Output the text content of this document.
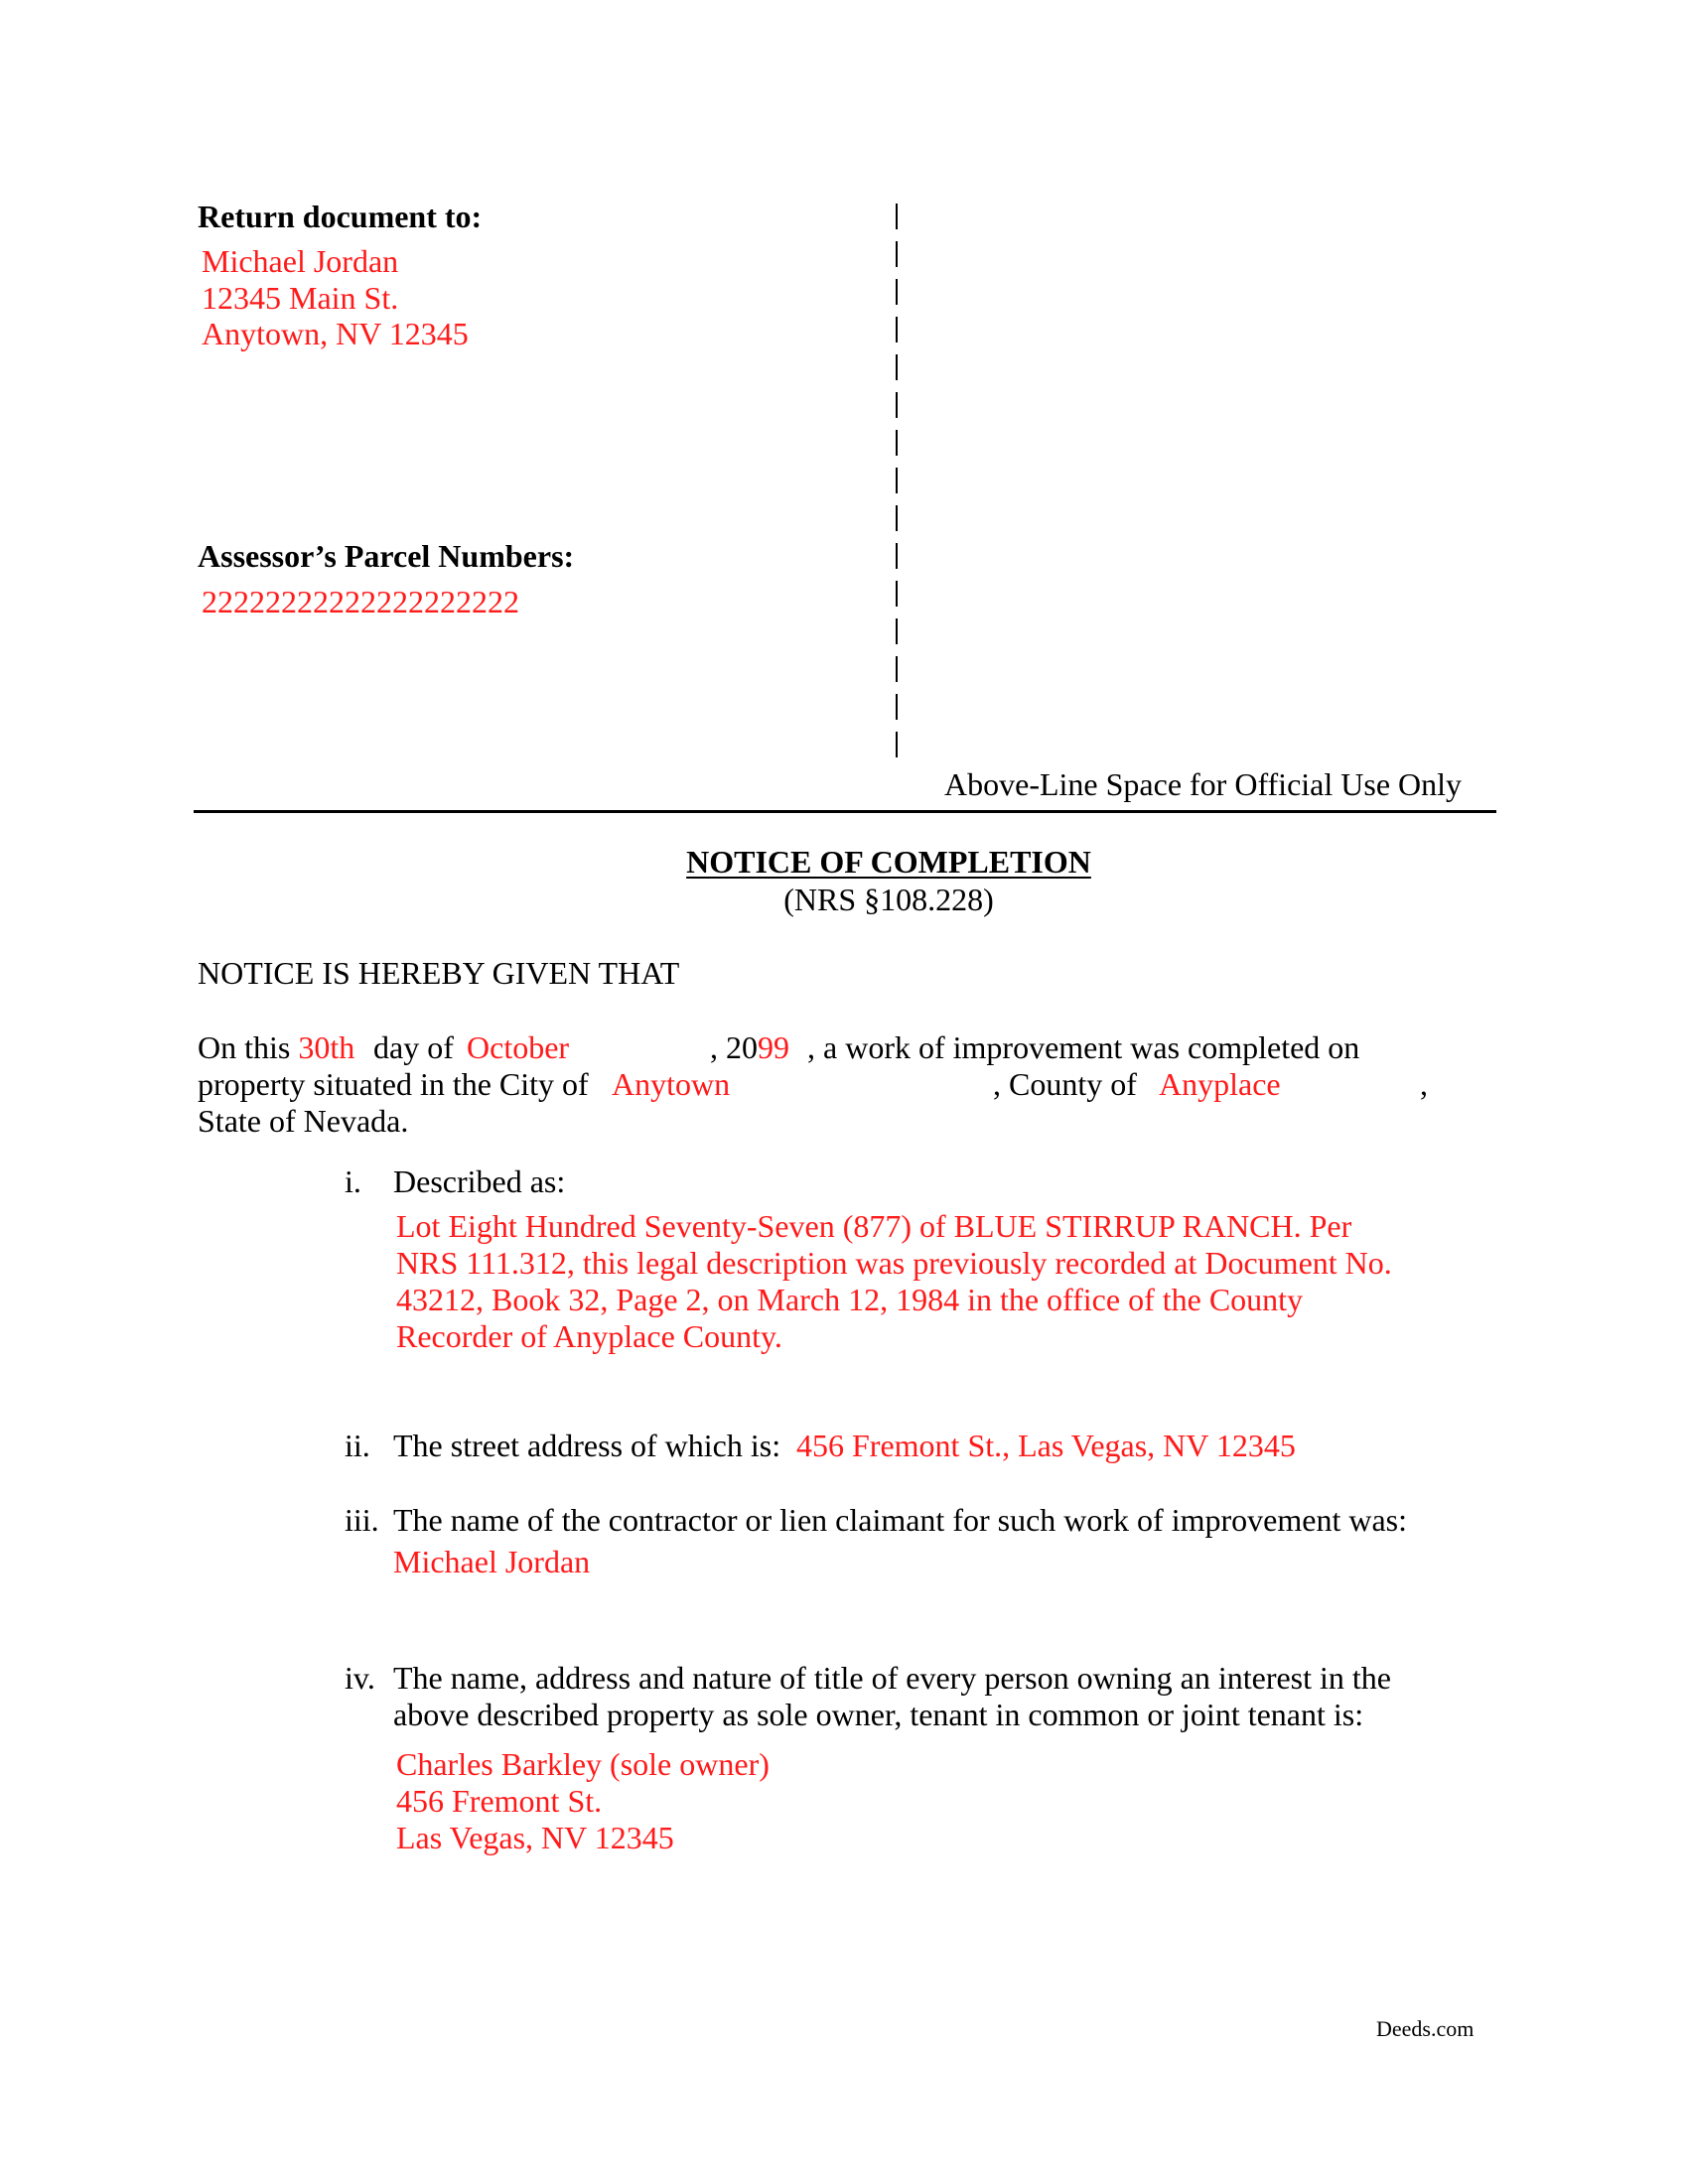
Return document to:
Michael Jordan
12345 Main St.
Anytown, NV 12345
Assessor’s Parcel Numbers:
22222222222222222222
Above-Line Space for Official Use Only
NOTICE OF COMPLETION
(NRS §108.228)
NOTICE IS HEREBY GIVEN THAT
On this 30th day of October	, 2099 , a work of improvement was completed on
property situated in the City of Anytown	, County of Anyplace	,
State of Nevada.
i. Described as:
Lot Eight Hundred Seventy-Seven (877) of BLUE STIRRUP RANCH. Per NRS 111.312, this legal description was previously recorded at Document No. 43212, Book 32, Page 2, on March 12, 1984 in the office of the County Recorder of Anyplace County.
ii. The street address of which is: 456 Fremont St., Las Vegas, NV 12345
iii. The name of the contractor or lien claimant for such work of improvement was:
Michael Jordan
iv. The name, address and nature of title of every person owning an interest in the above described property as sole owner, tenant in common or joint tenant is:
Charles Barkley (sole owner)
456 Fremont St.
Las Vegas, NV 12345
Deeds.com
